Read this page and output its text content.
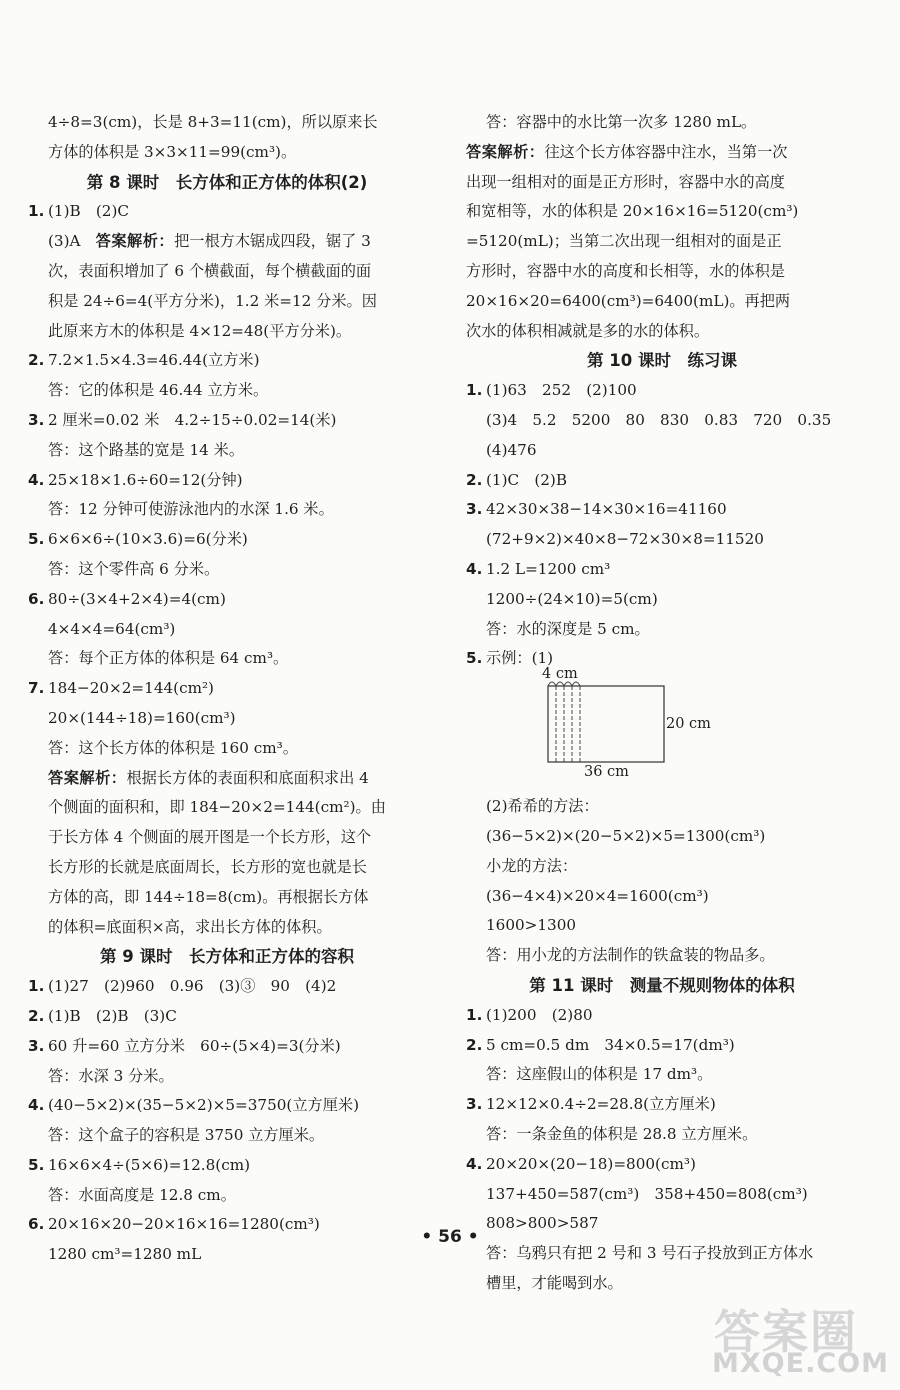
4÷8=3(cm)，长是 8+3=11(cm)，所以原来长
方体的体积是 3×3×11=99(cm³)。
第 8 课时　长方体和正方体的体积(2)
1. (1)B　(2)C
(3)A　答案解析：把一根方木锯成四段，锯了 3
次，表面积增加了 6 个横截面，每个横截面的面
积是 24÷6=4(平方分米)，1.2 米=12 分米。因
此原来方木的体积是 4×12=48(平方分米)。
2. 7.2×1.5×4.3=46.44(立方米)
答：它的体积是 46.44 立方米。
3. 2 厘米=0.02 米　4.2÷15÷0.02=14(米)
答：这个路基的宽是 14 米。
4. 25×18×1.6÷60=12(分钟)
答：12 分钟可使游泳池内的水深 1.6 米。
5. 6×6×6÷(10×3.6)=6(分米)
答：这个零件高 6 分米。
6. 80÷(3×4+2×4)=4(cm)
4×4×4=64(cm³)
答：每个正方体的体积是 64 cm³。
7. 184−20×2=144(cm²)
20×(144÷18)=160(cm³)
答：这个长方体的体积是 160 cm³。
答案解析：根据长方体的表面积和底面积求出 4
个侧面的面积和，即 184−20×2=144(cm²)。由
于长方体 4 个侧面的展开图是一个长方形，这个
长方形的长就是底面周长，长方形的宽也就是长
方体的高，即 144÷18=8(cm)。再根据长方体
的体积=底面积×高，求出长方体的体积。
第 9 课时　长方体和正方体的容积
1. (1)27　(2)960　0.96　(3)③　90　(4)2
2. (1)B　(2)B　(3)C
3. 60 升=60 立方分米　60÷(5×4)=3(分米)
答：水深 3 分米。
4. (40−5×2)×(35−5×2)×5=3750(立方厘米)
答：这个盒子的容积是 3750 立方厘米。
5. 16×6×4÷(5×6)=12.8(cm)
答：水面高度是 12.8 cm。
6. 20×16×20−20×16×16=1280(cm³)
1280 cm³=1280 mL
答：容器中的水比第一次多 1280 mL。
答案解析：往这个长方体容器中注水，当第一次
出现一组相对的面是正方形时，容器中水的高度
和宽相等，水的体积是 20×16×16=5120(cm³)
=5120(mL)；当第二次出现一组相对的面是正
方形时，容器中水的高度和长相等，水的体积是
20×16×20=6400(cm³)=6400(mL)。再把两
次水的体积相减就是多的水的体积。
第 10 课时　练习课
1. (1)63　252　(2)100
(3)4　5.2　5200　80　830　0.83　720　0.35
(4)476
2. (1)C　(2)B
3. 42×30×38−14×30×16=41160
(72+9×2)×40×8−72×30×8=11520
4. 1.2 L=1200 cm³
1200÷(24×10)=5(cm)
答：水的深度是 5 cm。
5. 示例：(1)
4 cm
20 cm
36 cm
(2)希希的方法：
(36−5×2)×(20−5×2)×5=1300(cm³)
小龙的方法：
(36−4×4)×20×4=1600(cm³)
1600>1300
答：用小龙的方法制作的铁盒装的物品多。
第 11 课时　测量不规则物体的体积
1. (1)200　(2)80
2. 5 cm=0.5 dm　34×0.5=17(dm³)
答：这座假山的体积是 17 dm³。
3. 12×12×0.4÷2=28.8(立方厘米)
答：一条金鱼的体积是 28.8 立方厘米。
4. 20×20×(20−18)=800(cm³)
137+450=587(cm³)　358+450=808(cm³)
808>800>587
答：乌鸦只有把 2 号和 3 号石子投放到正方体水
槽里，才能喝到水。
• 56 •
答案圈
MXQE.COM
